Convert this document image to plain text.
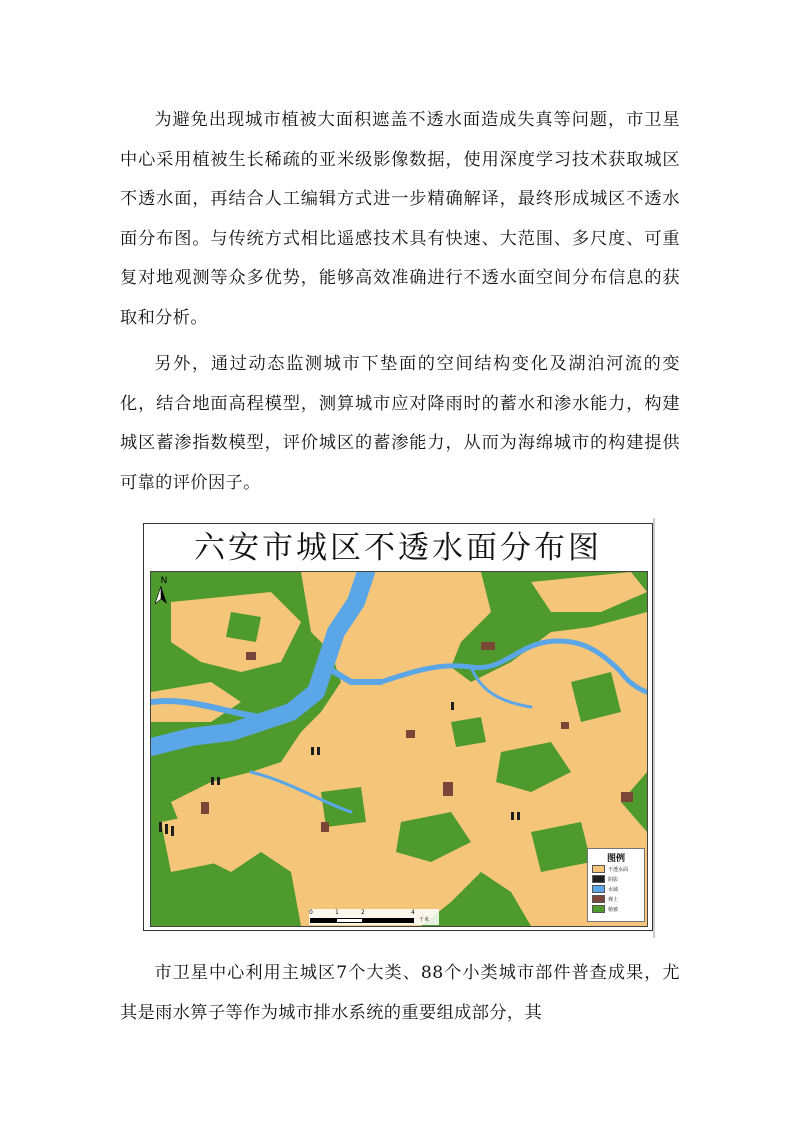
为避免出现城市植被大面积遮盖不透水面造成失真等问题，市卫星中心采用植被生长稀疏的亚米级影像数据，使用深度学习技术获取城区不透水面，再结合人工编辑方式进一步精确解译，最终形成城区不透水面分布图。与传统方式相比遥感技术具有快速、大范围、多尺度、可重复对地观测等众多优势，能够高效准确进行不透水面空间分布信息的获取和分析。

另外，通过动态监测城市下垫面的空间结构变化及湖泊河流的变化，结合地面高程模型，测算城市应对降雨时的蓄水和渗水能力，构建城区蓄渗指数模型，评价城区的蓄渗能力，从而为海绵城市的构建提供可靠的评价因子。

六安市城区不透水面分布图
N
0	1	2	4
千米
图例
不透水面
阴影
水域
裸土
植被

市卫星中心利用主城区7个大类、88个小类城市部件普查成果，尤其是雨水箅子等作为城市排水系统的重要组成部分，其
